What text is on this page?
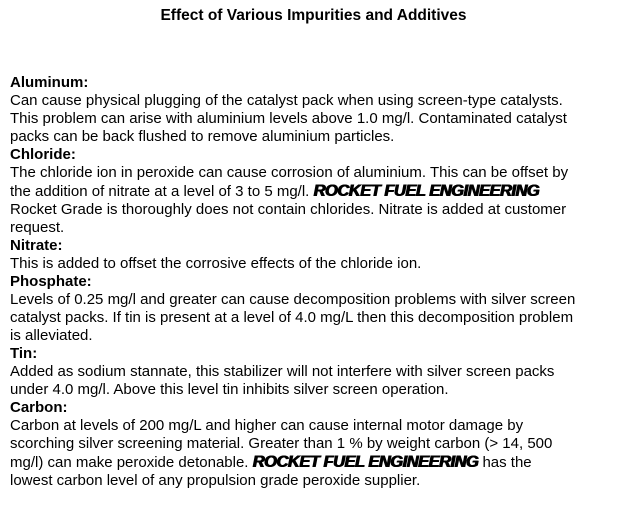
Effect of Various Impurities and Additives
Aluminum:
Can cause physical plugging of the catalyst pack when using screen-type catalysts.
This problem can arise with aluminium levels above 1.0 mg/l. Contaminated catalyst
packs can be back flushed to remove aluminium particles.
Chloride:
The chloride ion in peroxide can cause corrosion of aluminium. This can be offset by
the addition of nitrate at a level of 3 to 5 mg/l. ROCKET FUEL ENGINEERING
Rocket Grade is thoroughly does not contain chlorides. Nitrate is added at customer
request.
Nitrate:
This is added to offset the corrosive effects of the chloride ion.
Phosphate:
Levels of 0.25 mg/l and greater can cause decomposition problems with silver screen
catalyst packs. If tin is present at a level of 4.0 mg/L then this decomposition problem
is alleviated.
Tin:
Added as sodium stannate, this stabilizer will not interfere with silver screen packs
under 4.0 mg/l. Above this level tin inhibits silver screen operation.
Carbon:
Carbon at levels of 200 mg/L and higher can cause internal motor damage by
scorching silver screening material. Greater than 1 % by weight carbon (> 14, 500
mg/l) can make peroxide detonable. ROCKET FUEL ENGINEERING has the
lowest carbon level of any propulsion grade peroxide supplier.
